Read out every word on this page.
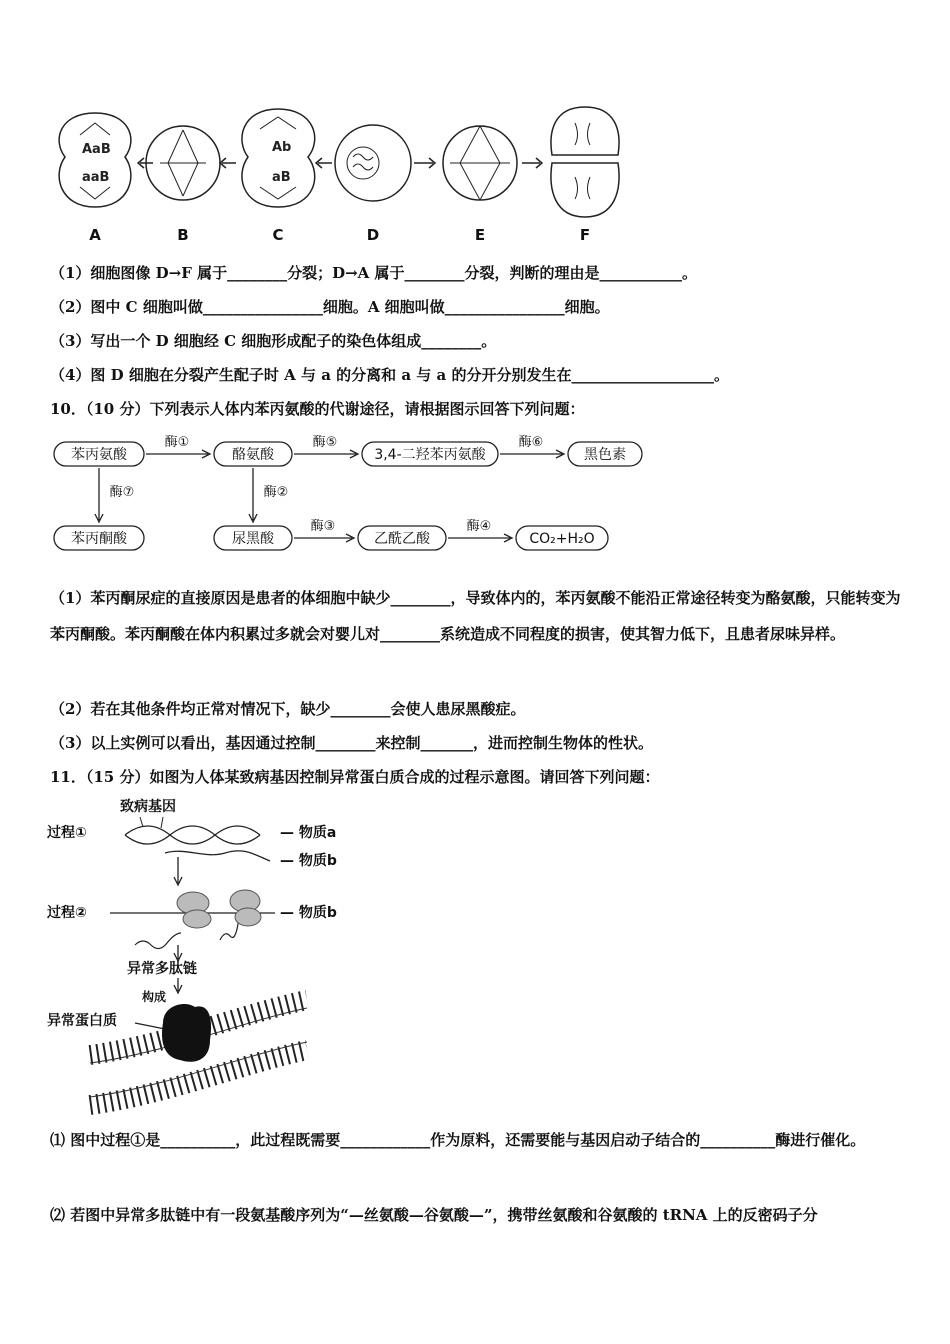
AaB
aaB
Ab
aB
A	B	C	D	E	F
（1）细胞图像 D→F 属于________分裂；D→A 属于________分裂，判断的理由是___________。
（2）图中 C 细胞叫做________________细胞。A 细胞叫做________________细胞。
（3）写出一个 D 细胞经 C 细胞形成配子的染色体组成________。
（4）图 D 细胞在分裂产生配子时 A 与 a 的分离和 a 与 a 的分开分别发生在___________________。
10．（10 分）下列表示人体内苯丙氨酸的代谢途径，请根据图示回答下列问题：
苯丙氨酸	酪氨酸	3,4-二羟苯丙氨酸	黑色素
苯丙酮酸	尿黑酸	乙酰乙酸	CO₂+H₂O
酶①	酶⑤	酶⑥
酶⑦	酶②
酶③	酶④
（1）苯丙酮尿症的直接原因是患者的体细胞中缺少________，导致体内的，苯丙氨酸不能沿正常途径转变为酪氨酸，只能转变为苯丙酮酸。苯丙酮酸在体内积累过多就会对婴儿对________系统造成不同程度的损害，使其智力低下，且患者尿味异样。
（2）若在其他条件均正常对情况下，缺少________会使人患尿黑酸症。
（3）以上实例可以看出，基因通过控制________来控制_______，进而控制生物体的性状。
11．（15 分）如图为人体某致病基因控制异常蛋白质合成的过程示意图。请回答下列问题：
致病基因
过程①	— 物质a
— 物质b
过程②	— 物质b
异常多肽链
构成
异常蛋白质
⑴ 图中过程①是__________，此过程既需要____________作为原料，还需要能与基因启动子结合的__________酶进行催化。
⑵ 若图中异常多肽链中有一段氨基酸序列为“—丝氨酸—谷氨酸—”，携带丝氨酸和谷氨酸的 tRNA 上的反密码子分
